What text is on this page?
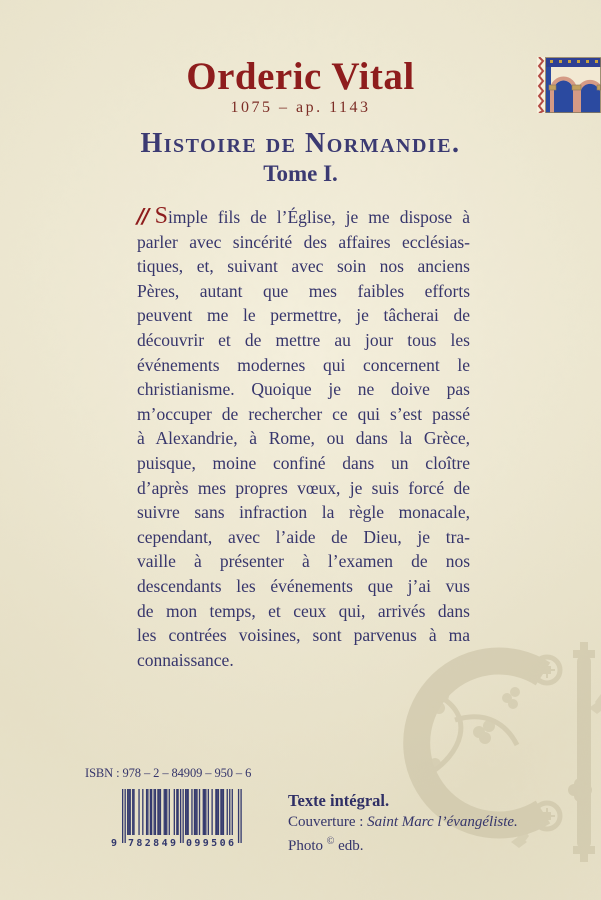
Orderic Vital
1075 – ap. 1143
Histoire de Normandie.
Tome I.
// Simple fils de l’Église, je me dispose à
parler avec sincérité des affaires ecclésias-
tiques, et, suivant avec soin nos anciens
Pères, autant que mes faibles efforts
peuvent me le permettre, je tâcherai de
découvrir et de mettre au jour tous les
événements modernes qui concernent le
christianisme. Quoique je ne doive pas
m’occuper de rechercher ce qui s’est passé
à Alexandrie, à Rome, ou dans la Grèce,
puisque, moine confiné dans un cloître
d’après mes propres vœux, je suis forcé de
suivre sans infraction la règle monacale,
cependant, avec l’aide de Dieu, je tra-
vaille à présenter à l’examen de nos
descendants les événements que j’ai vus
de mon temps, et ceux qui, arrivés dans
les contrées voisines, sont parvenus à ma
connaissance.
ISBN : 978 – 2 – 84909 – 950 – 6
9 782849 099506
Texte intégral.
Couverture : Saint Marc l’évangéliste.
Photo © edb.
